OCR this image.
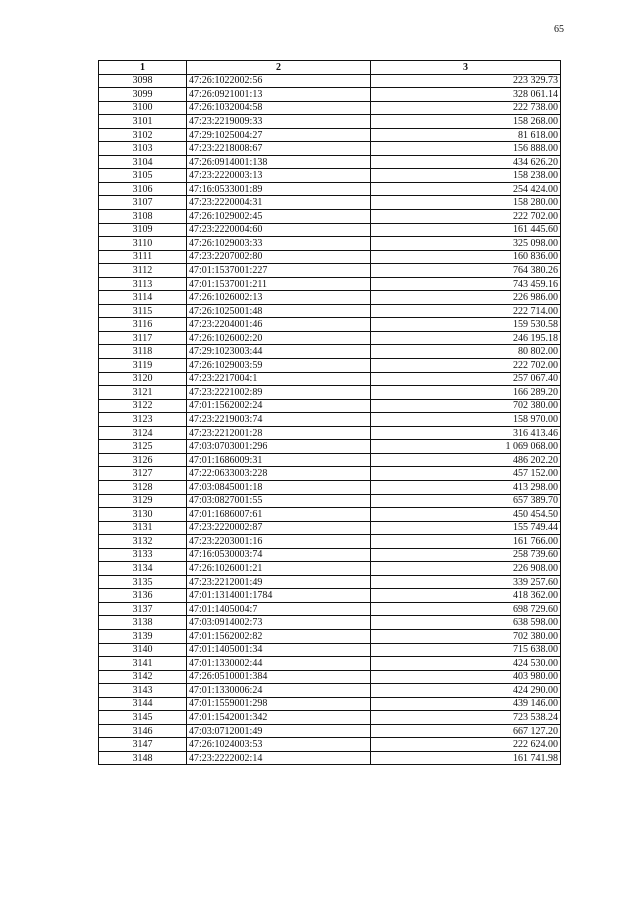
65
1	2	3
3098	47:26:1022002:56	223 329.73
3099	47:26:0921001:13	328 061.14
3100	47:26:1032004:58	222 738.00
3101	47:23:2219009:33	158 268.00
3102	47:29:1025004:27	81 618.00
3103	47:23:2218008:67	156 888.00
3104	47:26:0914001:138	434 626.20
3105	47:23:2220003:13	158 238.00
3106	47:16:0533001:89	254 424.00
3107	47:23:2220004:31	158 280.00
3108	47:26:1029002:45	222 702.00
3109	47:23:2220004:60	161 445.60
3110	47:26:1029003:33	325 098.00
3111	47:23:2207002:80	160 836.00
3112	47:01:1537001:227	764 380.26
3113	47:01:1537001:211	743 459.16
3114	47:26:1026002:13	226 986.00
3115	47:26:1025001:48	222 714.00
3116	47:23:2204001:46	159 530.58
3117	47:26:1026002:20	246 195.18
3118	47:29:1023003:44	80 802.00
3119	47:26:1029003:59	222 702.00
3120	47:23:2217004:1	257 067.40
3121	47:23:2221002:89	166 289.20
3122	47:01:1562002:24	702 380.00
3123	47:23:2219003:74	158 970.00
3124	47:23:2212001:28	316 413.46
3125	47:03:0703001:296	1 069 068.00
3126	47:01:1686009:31	486 202.20
3127	47:22:0633003:228	457 152.00
3128	47:03:0845001:18	413 298.00
3129	47:03:0827001:55	657 389.70
3130	47:01:1686007:61	450 454.50
3131	47:23:2220002:87	155 749.44
3132	47:23:2203001:16	161 766.00
3133	47:16:0530003:74	258 739.60
3134	47:26:1026001:21	226 908.00
3135	47:23:2212001:49	339 257.60
3136	47:01:1314001:1784	418 362.00
3137	47:01:1405004:7	698 729.60
3138	47:03:0914002:73	638 598.00
3139	47:01:1562002:82	702 380.00
3140	47:01:1405001:34	715 638.00
3141	47:01:1330002:44	424 530.00
3142	47:26:0510001:384	403 980.00
3143	47:01:1330006:24	424 290.00
3144	47:01:1559001:298	439 146.00
3145	47:01:1542001:342	723 538.24
3146	47:03:0712001:49	667 127.20
3147	47:26:1024003:53	222 624.00
3148	47:23:2222002:14	161 741.98
